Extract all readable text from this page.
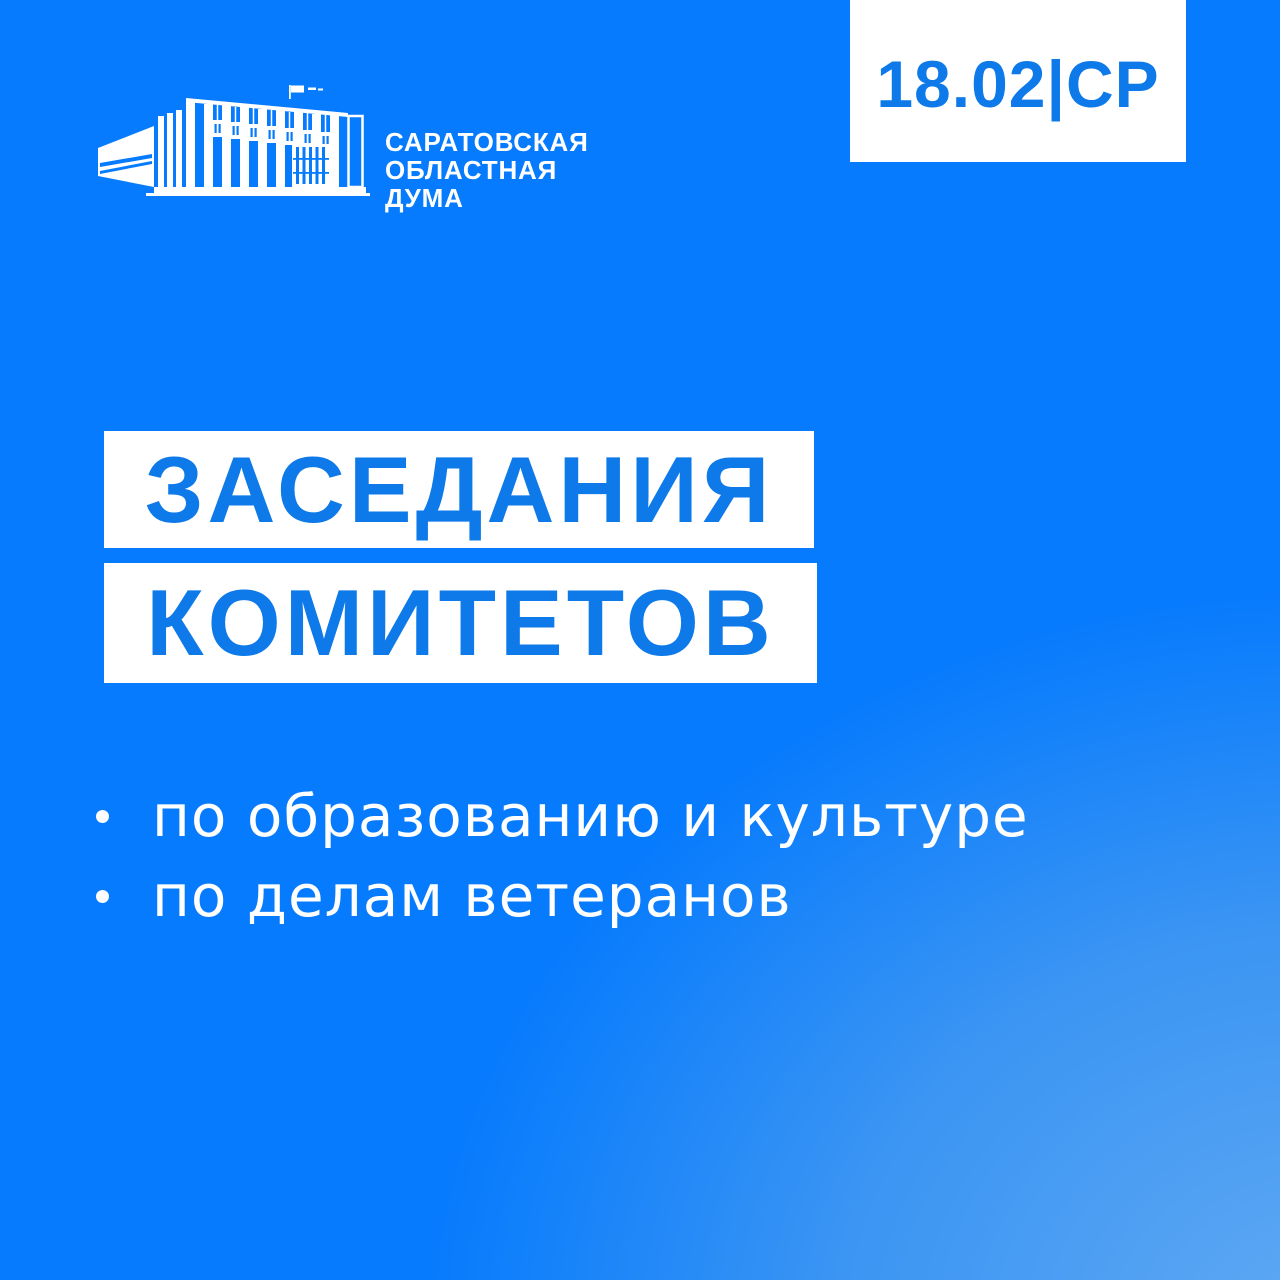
САРАТОВСКАЯ
ОБЛАСТНАЯ
ДУМА
18.02|СР
ЗАСЕДАНИЯ
КОМИТЕТОВ
по образованию и культуре
по делам ветеранов
